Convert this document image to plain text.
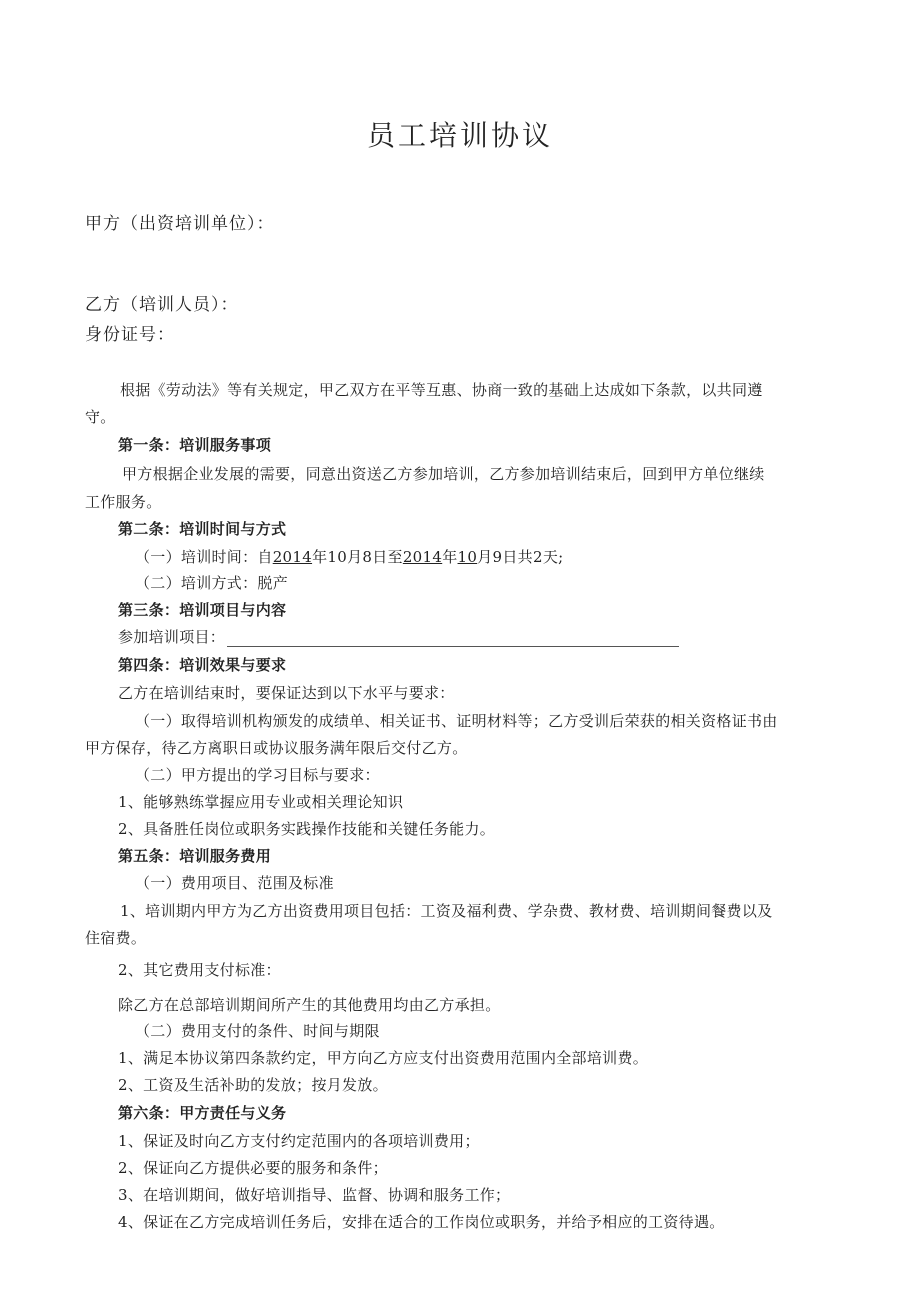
员工培训协议
甲方（出资培训单位）：
乙方（培训人员）：
身份证号：
根据《劳动法》等有关规定，甲乙双方在平等互惠、协商一致的基础上达成如下条款，以共同遵
守。
第一条：培训服务事项
甲方根据企业发展的需要，同意出资送乙方参加培训，乙方参加培训结束后，回到甲方单位继续
工作服务。
第二条：培训时间与方式
（一）培训时间：自2014年10月8日至2014年10月9日共2天;
（二）培训方式：脱产
第三条：培训项目与内容
参加培训项目：
第四条：培训效果与要求
乙方在培训结束时，要保证达到以下水平与要求：
（一）取得培训机构颁发的成绩单、相关证书、证明材料等；乙方受训后荣获的相关资格证书由
甲方保存，待乙方离职日或协议服务满年限后交付乙方。
（二）甲方提出的学习目标与要求：
1、能够熟练掌握应用专业或相关理论知识
2、具备胜任岗位或职务实践操作技能和关键任务能力。
第五条：培训服务费用
（一）费用项目、范围及标准
1、培训期内甲方为乙方出资费用项目包括：工资及福利费、学杂费、教材费、培训期间餐费以及
住宿费。
2、其它费用支付标准：
除乙方在总部培训期间所产生的其他费用均由乙方承担。
（二）费用支付的条件、时间与期限
1、满足本协议第四条款约定，甲方向乙方应支付出资费用范围内全部培训费。
2、工资及生活补助的发放；按月发放。
第六条：甲方责任与义务
1、保证及时向乙方支付约定范围内的各项培训费用；
2、保证向乙方提供必要的服务和条件；
3、在培训期间，做好培训指导、监督、协调和服务工作；
4、保证在乙方完成培训任务后，安排在适合的工作岗位或职务，并给予相应的工资待遇。
